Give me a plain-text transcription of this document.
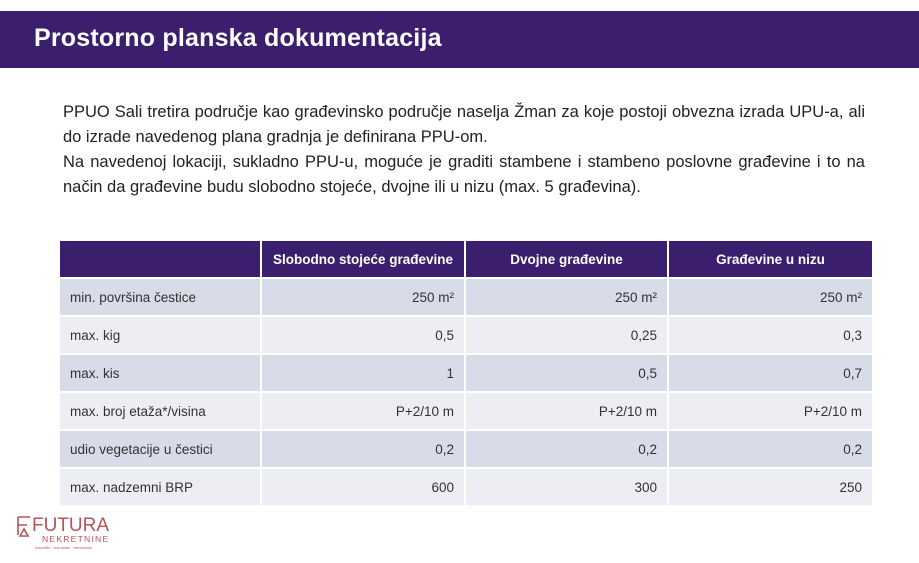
Prostorno planska dokumentacija

PPUO Sali tretira područje kao građevinsko područje naselja Žman za koje postoji obvezna izrada UPU-a, ali do izrade navedenog plana gradnja je definirana PPU-om.

Na navedenoj lokaciji, sukladno PPU-u, moguće je graditi stambene i stambeno poslovne građevine i to na način da građevine budu slobodno stojeće, dvojne ili u nizu (max. 5 građevina).

	Slobodno stojeće građevine	Dvojne građevine	Građevine u nizu
min. površina čestice	250 m²	250 m²	250 m²
max. kig	0,5	0,25	0,3
max. kis	1	0,5	0,7
max. broj etaža*/visina	P+2/10 m	P+2/10 m	P+2/10 m
udio vegetacije u čestici	0,2	0,2	0,2
max. nadzemni BRP	600	300	250
FUTURA
NEKRETNINE
immobilie · real estate · nemovitosti
